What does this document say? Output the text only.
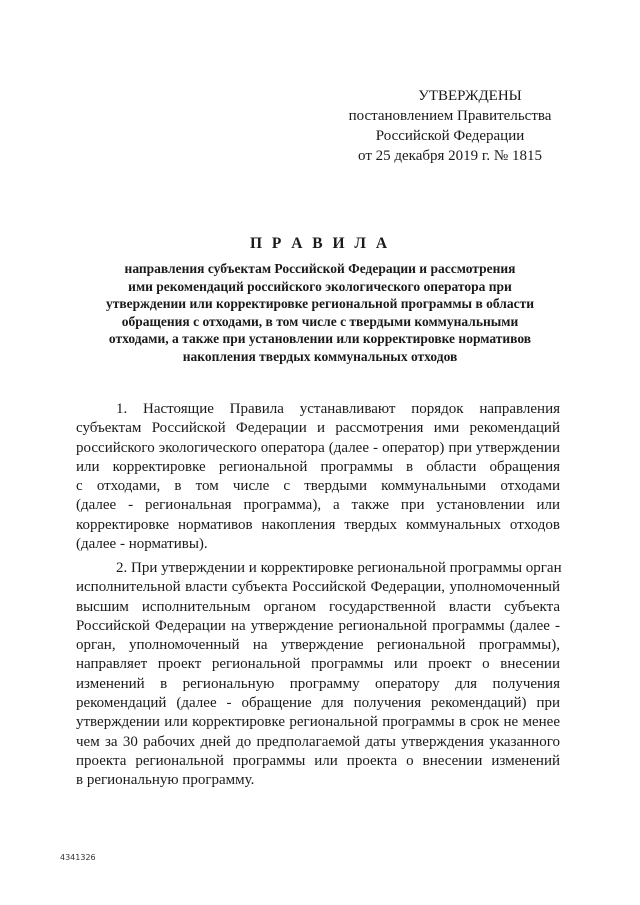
УТВЕРЖДЕНЫ
постановлением Правительства
Российской Федерации
от 25 декабря 2019 г. № 1815
П Р А В И Л А
направления субъектам Российской Федерации и рассмотрения
ими рекомендаций российского экологического оператора при
утверждении или корректировке региональной программы в области
обращения с отходами, в том числе с твердыми коммунальными
отходами, а также при установлении или корректировке нормативов
накопления твердых коммунальных отходов
1. Настоящие Правила устанавливают порядок направления
субъектам Российской Федерации и рассмотрения ими рекомендаций
российского экологического оператора (далее - оператор) при утверждении
или корректировке региональной программы в области обращения
с отходами, в том числе с твердыми коммунальными отходами
(далее - региональная программа), а также при установлении или
корректировке нормативов накопления твердых коммунальных отходов
(далее - нормативы).
2. При утверждении и корректировке региональной программы орган
исполнительной власти субъекта Российской Федерации, уполномоченный
высшим исполнительным органом государственной власти субъекта
Российской Федерации на утверждение региональной программы (далее -
орган, уполномоченный на утверждение региональной программы),
направляет проект региональной программы или проект о внесении
изменений в региональную программу оператору для получения
рекомендаций (далее - обращение для получения рекомендаций) при
утверждении или корректировке региональной программы в срок не менее
чем за 30 рабочих дней до предполагаемой даты утверждения указанного
проекта региональной программы или проекта о внесении изменений
в региональную программу.
4341326
